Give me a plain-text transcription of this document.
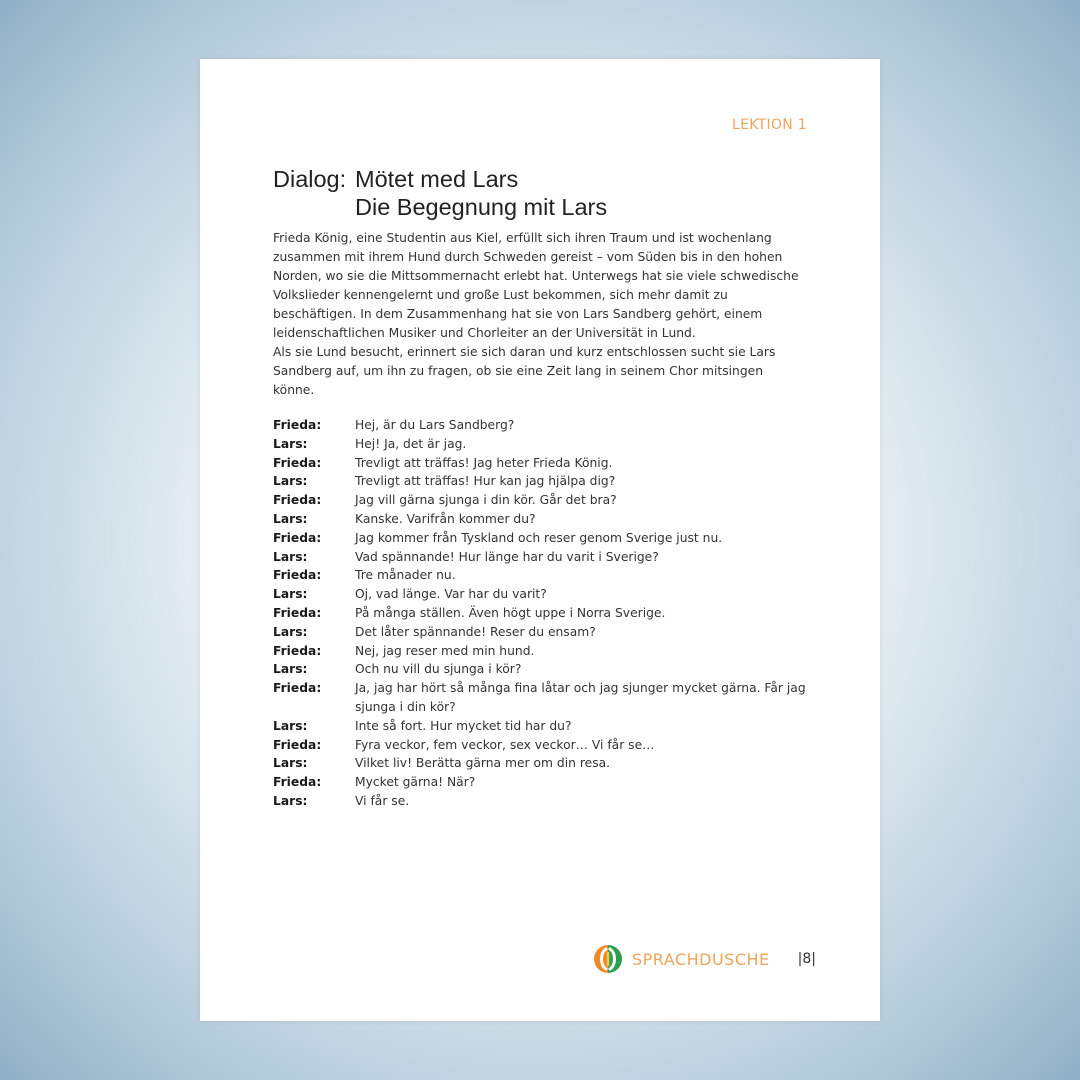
LEKTION 1
Dialog: Mötet med Lars
Die Begegnung mit Lars

Frieda König, eine Studentin aus Kiel, erfüllt sich ihren Traum und ist wochenlang zusammen mit ihrem Hund durch Schweden gereist – vom Süden bis in den hohen Norden, wo sie die Mittsommernacht erlebt hat. Unterwegs hat sie viele schwedische Volkslieder kennengelernt und große Lust bekommen, sich mehr damit zu beschäftigen. In dem Zusammenhang hat sie von Lars Sandberg gehört, einem leidenschaftlichen Musiker und Chorleiter an der Universität in Lund.

Als sie Lund besucht, erinnert sie sich daran und kurz entschlossen sucht sie Lars Sandberg auf, um ihn zu fragen, ob sie eine Zeit lang in seinem Chor mitsingen könne.

Frieda:	Hej, är du Lars Sandberg?
Lars:	Hej! Ja, det är jag.
Frieda:	Trevligt att träffas! Jag heter Frieda König.
Lars:	Trevligt att träffas! Hur kan jag hjälpa dig?
Frieda:	Jag vill gärna sjunga i din kör. Går det bra?
Lars:	Kanske. Varifrån kommer du?
Frieda:	Jag kommer från Tyskland och reser genom Sverige just nu.
Lars:	Vad spännande! Hur länge har du varit i Sverige?
Frieda:	Tre månader nu.
Lars:	Oj, vad länge. Var har du varit?
Frieda:	På många ställen. Även högt uppe i Norra Sverige.
Lars:	Det låter spännande! Reser du ensam?
Frieda:	Nej, jag reser med min hund.
Lars:	Och nu vill du sjunga i kör?
Frieda:	Ja, jag har hört så många fina låtar och jag sjunger mycket gärna. Får jag sjunga i din kör?
Lars:	Inte så fort. Hur mycket tid har du?
Frieda:	Fyra veckor, fem veckor, sex veckor… Vi får se…
Lars:	Vilket liv! Berätta gärna mer om din resa.
Frieda:	Mycket gärna! När?
Lars:	Vi får se.
SPRACHDUSCHE |8|
